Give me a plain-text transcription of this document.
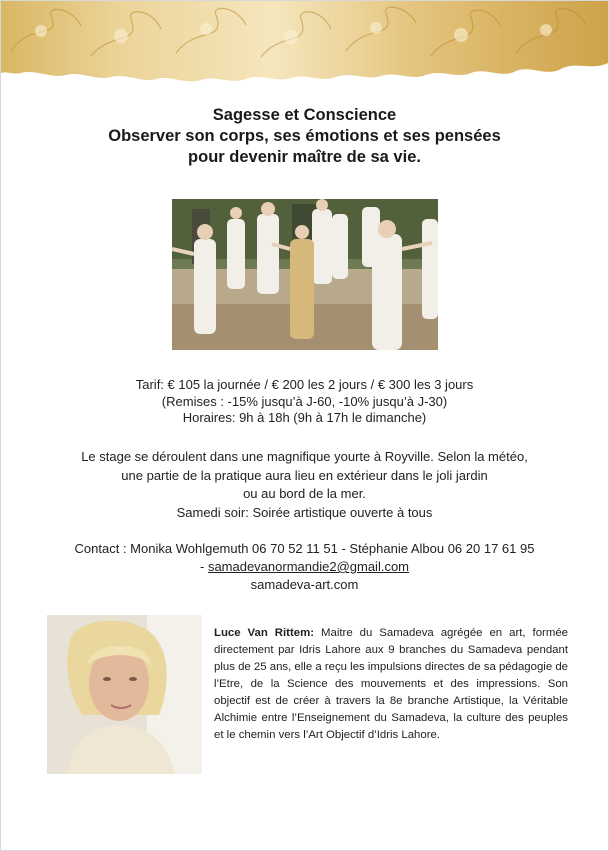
Sagesse et Conscience
Observer son corps, ses émotions et ses pensées
pour devenir maître de sa vie.
Tarif: € 105 la journée / € 200 les 2 jours / € 300 les 3 jours
(Remises : -15% jusqu’à J-60, -10% jusqu’à J-30)
Horaires: 9h à 18h (9h à 17h le dimanche)
Le stage se déroulent dans une magnifique yourte à Royville. Selon la météo,
une partie de la pratique aura lieu en extérieur dans le joli jardin
ou au bord de la mer.
Samedi soir: Soirée artistique ouverte à tous
Contact : Monika Wohlgemuth 06 70 52 11 51 - Stéphanie Albou 06 20 17 61 95
- samadevanormandie2@gmail.com
samadeva-art.com
Luce Van Rittem: Maitre du Samadeva agrégée en art, formée directement par Idris Lahore aux 9 branches du Samadeva pendant plus de 25 ans, elle a reçu les impulsions directes de sa pédagogie de l’Etre, de la Science des mouvements et des impressions. Son objectif est de créer à travers la 8e branche Artistique, la Véritable Alchimie entre l’Enseignement du Samadeva, la culture des peuples et le chemin vers l’Art Objectif d’Idris Lahore.
